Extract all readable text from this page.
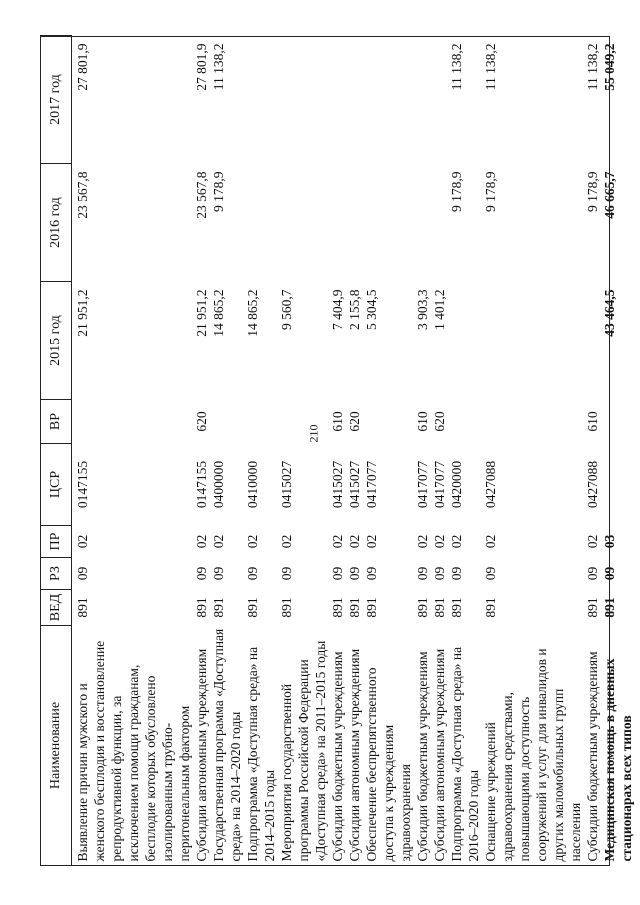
210
Наименование	ВЕД	РЗ	ПР	ЦСР	ВР	2015 год	2016 год	2017 год
Выявление причин мужского и женского бесплодия и восстановление репродуктивной функции, за исключением помощи гражданам, бесплодие которых обусловлено изолированным трубно-перитонеальным фактором	891	09	02	0147155		21 951,2	23 567,8	27 801,9
Субсидии автономным учреждениям	891	09	02	0147155	620	21 951,2	23 567,8	27 801,9
Государственная программа «Доступная среда» на 2014–2020 годы	891	09	02	0400000		14 865,2	9 178,9	11 138,2
Подпрограмма «Доступная среда» на 2014–2015 годы	891	09	02	0410000		14 865,2		
Мероприятия государственной программы Российской Федерации «Доступная среда» на 2011–2015 годы	891	09	02	0415027		9 560,7		
Субсидии бюджетным учреждениям	891	09	02	0415027	610	7 404,9		
Субсидии автономным учреждениям	891	09	02	0415027	620	2 155,8		
Обеспечение беспрепятственного доступа к учреждениям здравоохранения	891	09	02	0417077		5 304,5		
Субсидии бюджетным учреждениям	891	09	02	0417077	610	3 903,3		
Субсидии автономным учреждениям	891	09	02	0417077	620	1 401,2		
Подпрограмма «Доступная среда» на 2016–2020 годы	891	09	02	0420000			9 178,9	11 138,2
Оснащение учреждений здравоохранения средствами, повышающими доступность сооружений и услуг для инвалидов и других маломобильных групп населения	891	09	02	0427088			9 178,9	11 138,2
Субсидии бюджетным учреждениям	891	09	02	0427088	610		9 178,9	11 138,2
Медицинская помощь в дневных стационарах всех типов	891	09	03			43 464,5	46 665,7	55 049,2
